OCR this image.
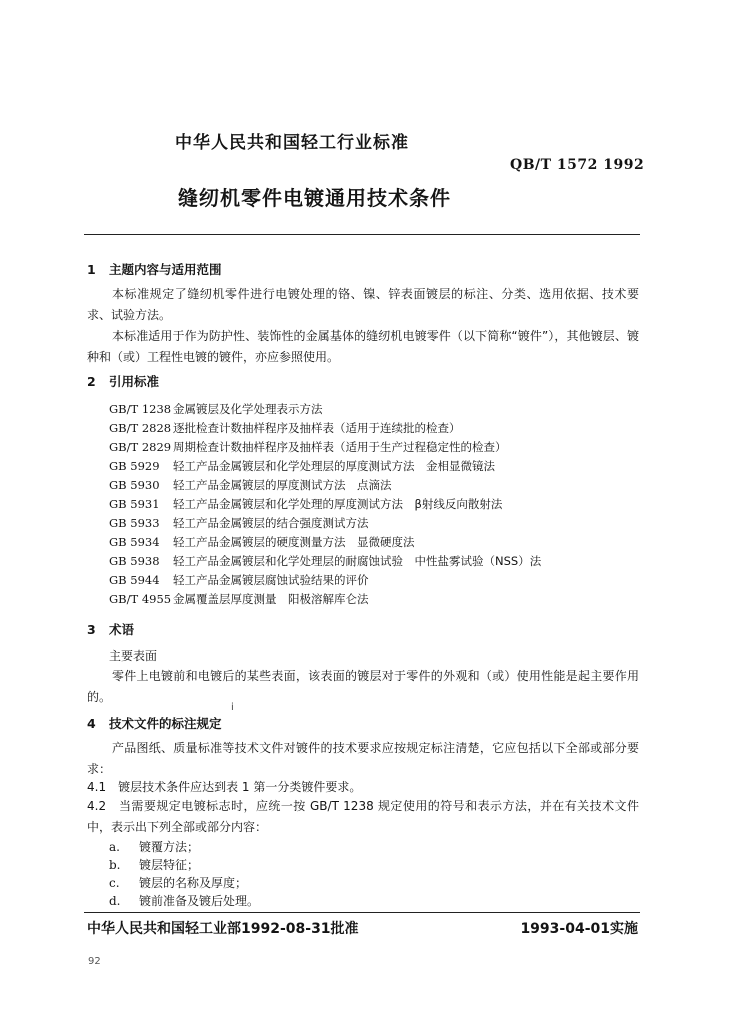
中华人民共和国轻工行业标准
QB/T 1572 1992
缝纫机零件电镀通用技术条件
1 主题内容与适用范围
本标准规定了缝纫机零件进行电镀处理的铬、镍、锌表面镀层的标注、分类、选用依据、技术要求、试验方法。
本标准适用于作为防护性、装饰性的金属基体的缝纫机电镀零件（以下简称“镀件”），其他镀层、镀种和（或）工程性电镀的镀件，亦应参照使用。
2 引用标准
GB/T 1238 金属镀层及化学处理表示方法
GB/T 2828 逐批检查计数抽样程序及抽样表（适用于连续批的检查）
GB/T 2829 周期检查计数抽样程序及抽样表（适用于生产过程稳定性的检查）
GB 5929 轻工产品金属镀层和化学处理层的厚度测试方法　金相显微镜法
GB 5930 轻工产品金属镀层的厚度测试方法　点滴法
GB 5931 轻工产品金属镀层和化学处理的厚度测试方法　β射线反向散射法
GB 5933 轻工产品金属镀层的结合强度测试方法
GB 5934 轻工产品金属镀层的硬度测量方法　显微硬度法
GB 5938 轻工产品金属镀层和化学处理层的耐腐蚀试验　中性盐雾试验（NSS）法
GB 5944 轻工产品金属镀层腐蚀试验结果的评价
GB/T 4955 金属覆盖层厚度测量　阳极溶解库仑法
3 术语
主要表面
零件上电镀前和电镀后的某些表面，该表面的镀层对于零件的外观和（或）使用性能是起主要作用的。
i
4 技术文件的标注规定
产品图纸、质量标准等技术文件对镀件的技术要求应按规定标注清楚，它应包括以下全部或部分要求：
4.1　镀层技术条件应达到表 1 第一分类镀件要求。
4.2　当需要规定电镀标志时，应统一按 GB/T 1238 规定使用的符号和表示方法，并在有关技术文件中，表示出下列全部或部分内容：
a. 镀覆方法；
b. 镀层特征；
c. 镀层的名称及厚度；
d. 镀前准备及镀后处理。
中华人民共和国轻工业部1992-08-31批准	1993-04-01实施
92
